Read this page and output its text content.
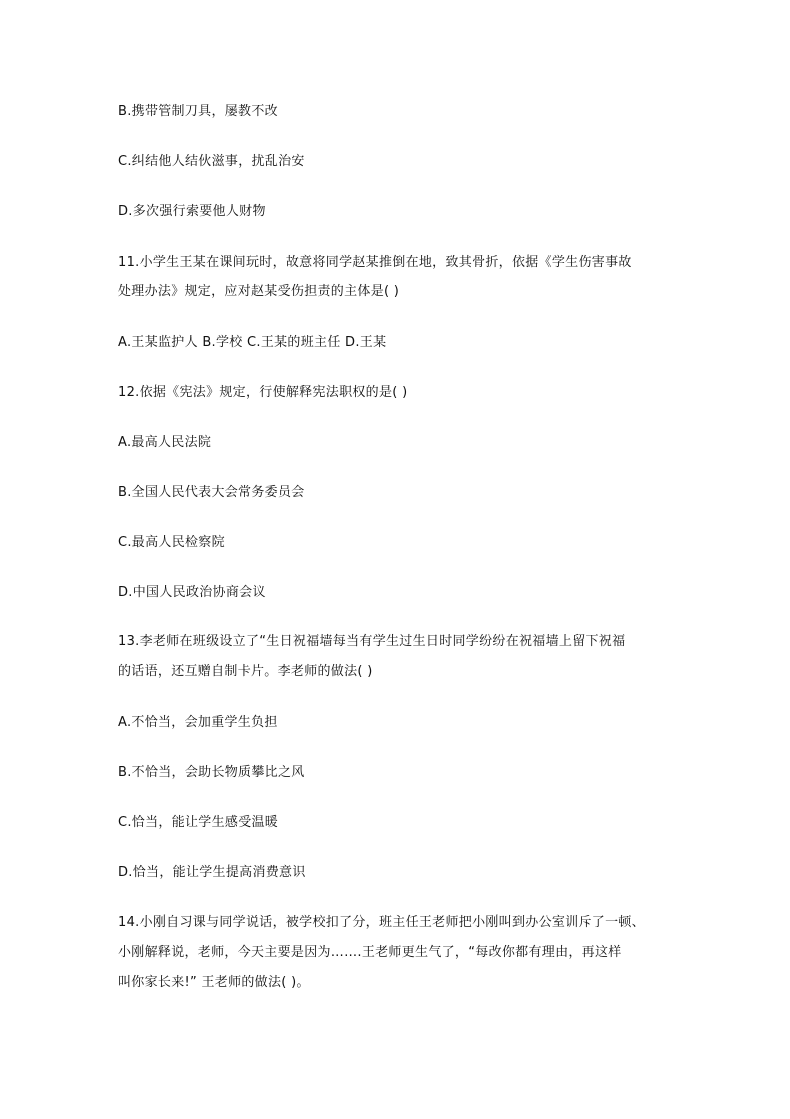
B.携带管制刀具，屡教不改
C.纠结他人结伙滋事，扰乱治安
D.多次强行索要他人财物
11.小学生王某在课间玩时，故意将同学赵某推倒在地，致其骨折，依据《学生伤害事故
处理办法》规定，应对赵某受伤担责的主体是( )
A.王某监护人 B.学校 C.王某的班主任 D.王某
12.依据《宪法》规定，行使解释宪法职权的是( )
A.最高人民法院
B.全国人民代表大会常务委员会
C.最高人民检察院
D.中国人民政治协商会议
13.李老师在班级设立了“生日祝福墙每当有学生过生日时同学纷纷在祝福墙上留下祝福
的话语，还互赠自制卡片。李老师的做法( )
A.不恰当，会加重学生负担
B.不恰当，会助长物质攀比之风
C.恰当，能让学生感受温暖
D.恰当，能让学生提高消费意识
14.小刚自习课与同学说话，被学校扣了分，班主任王老师把小刚叫到办公室训斥了一顿、
小刚解释说，老师，今天主要是因为…….王老师更生气了，“每改你都有理由，再这样
叫你家长来!” 王老师的做法( )。
